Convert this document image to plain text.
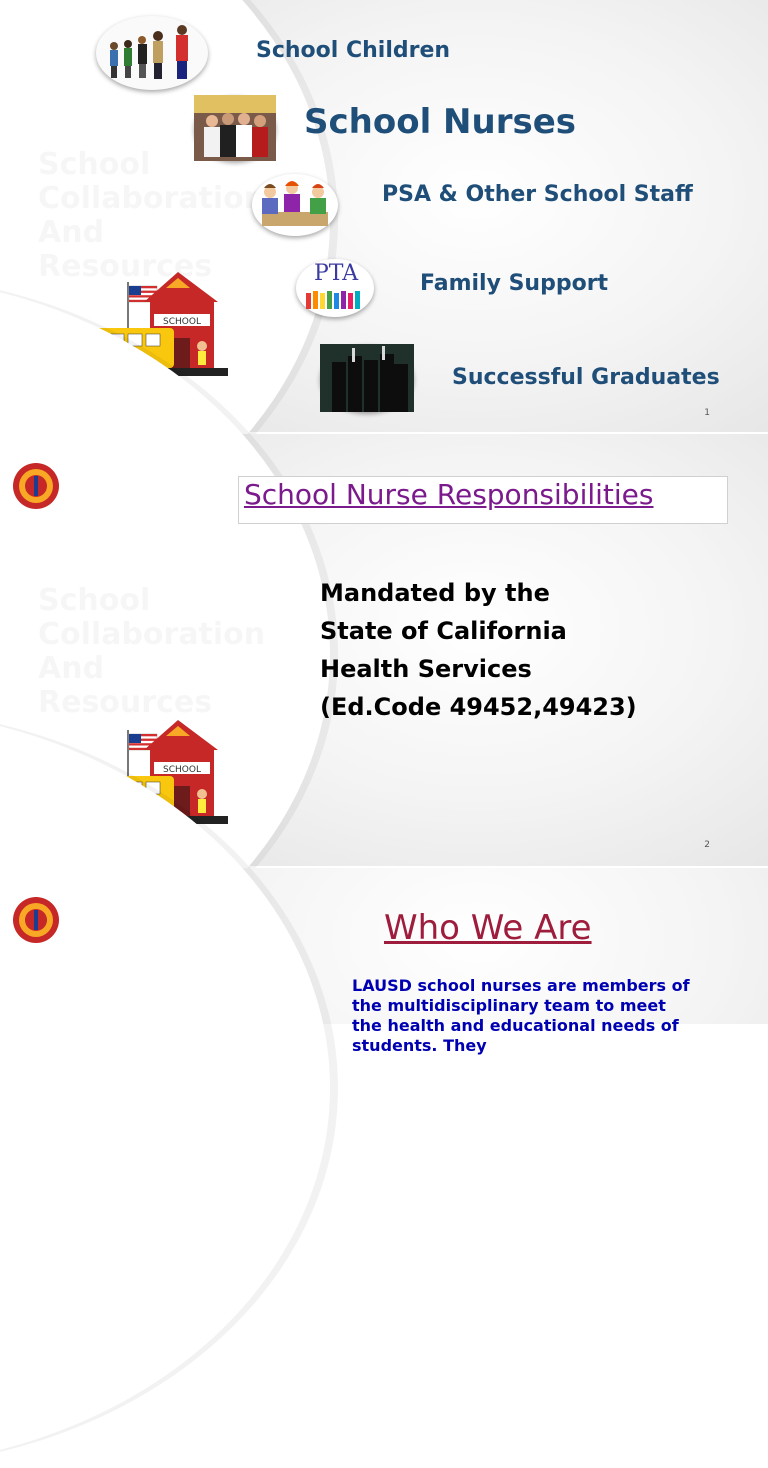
School Children
School Nurses
PSA & Other School Staff
PTA	Family Support
Successful Graduates
SCHOOL
1
School Nurse Responsibilities
Mandated by the
State of California
Health Services
(Ed.Code 49452,49423)
SCHOOL
2
Who We Are
LAUSD school nurses are members of the multidisciplinary team to meet the health and educational needs of students. They
